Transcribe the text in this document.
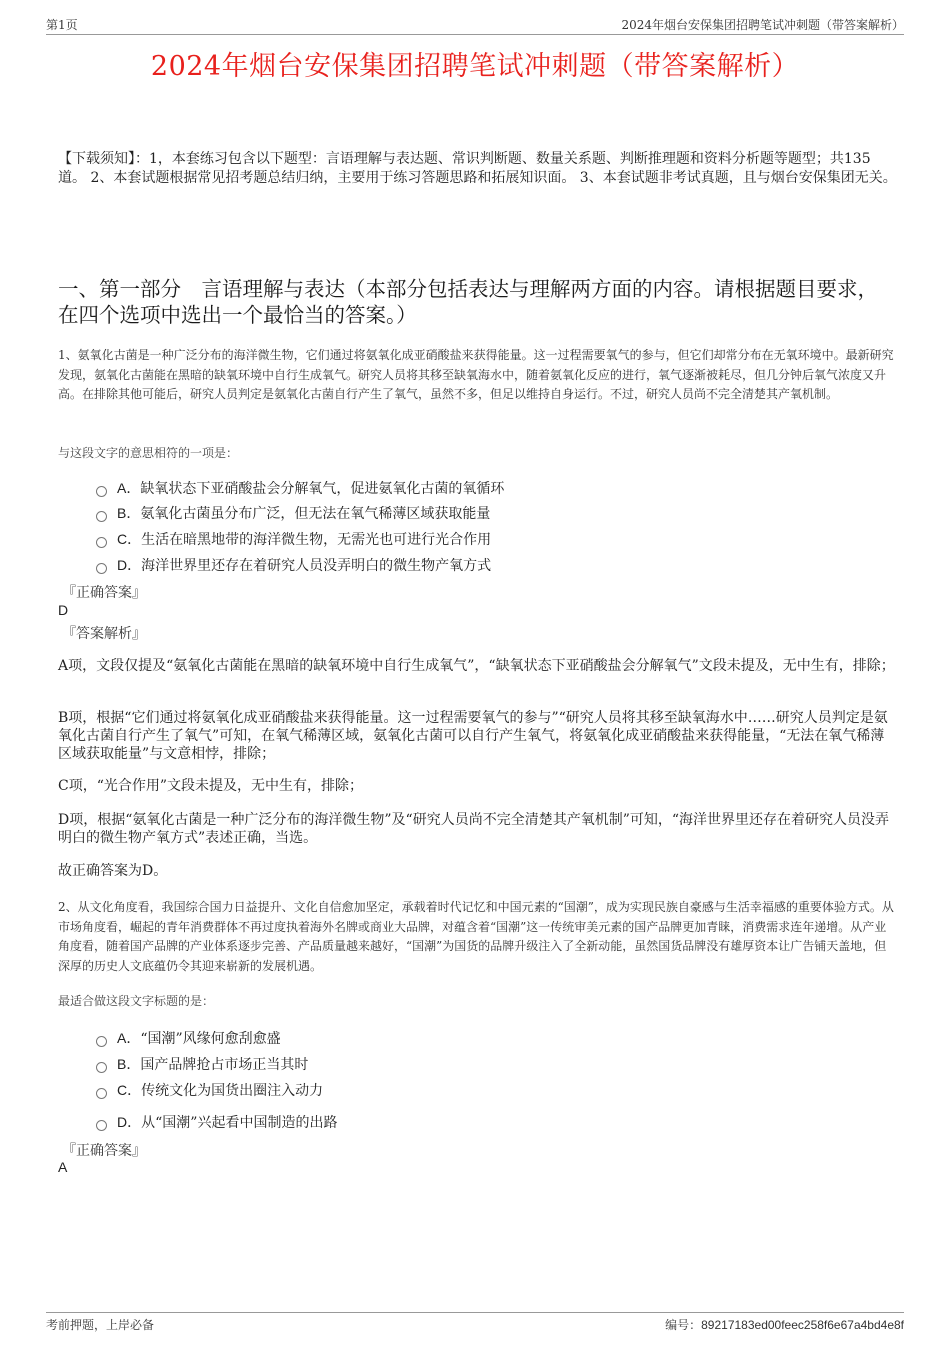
第1页	2024年烟台安保集团招聘笔试冲刺题（带答案解析）
2024年烟台安保集团招聘笔试冲刺题（带答案解析）
【下载须知】：1，本套练习包含以下题型：言语理解与表达题、常识判断题、数量关系题、判断推理题和资料分析题等题型；共135道。 2、本套试题根据常见招考题总结归纳，主要用于练习答题思路和拓展知识面。 3、本套试题非考试真题，且与烟台安保集团无关。
一、第一部分　言语理解与表达（本部分包括表达与理解两方面的内容。请根据题目要求，在四个选项中选出一个最恰当的答案。）
1、氨氧化古菌是一种广泛分布的海洋微生物，它们通过将氨氧化成亚硝酸盐来获得能量。这一过程需要氧气的参与，但它们却常分布在无氧环境中。最新研究发现，氨氧化古菌能在黑暗的缺氧环境中自行生成氧气。研究人员将其移至缺氧海水中，随着氨氧化反应的进行，氧气逐渐被耗尽，但几分钟后氧气浓度又升高。在排除其他可能后，研究人员判定是氨氧化古菌自行产生了氧气，虽然不多，但足以维持自身运行。不过，研究人员尚不完全清楚其产氧机制。
与这段文字的意思相符的一项是：
A． 缺氧状态下亚硝酸盐会分解氧气，促进氨氧化古菌的氧循环
B． 氨氧化古菌虽分布广泛，但无法在氧气稀薄区域获取能量
C． 生活在暗黑地带的海洋微生物，无需光也可进行光合作用
D． 海洋世界里还存在着研究人员没弄明白的微生物产氧方式
『正确答案』
D
『答案解析』
A项，文段仅提及“氨氧化古菌能在黑暗的缺氧环境中自行生成氧气”，“缺氧状态下亚硝酸盐会分解氧气”文段未提及，无中生有，排除；
B项，根据“它们通过将氨氧化成亚硝酸盐来获得能量。这一过程需要氧气的参与”“研究人员将其移至缺氧海水中……研究人员判定是氨氧化古菌自行产生了氧气”可知，在氧气稀薄区域，氨氧化古菌可以自行产生氧气，将氨氧化成亚硝酸盐来获得能量，“无法在氧气稀薄区域获取能量”与文意相悖，排除；
C项，“光合作用”文段未提及，无中生有，排除；
D项，根据“氨氧化古菌是一种广泛分布的海洋微生物”及“研究人员尚不完全清楚其产氧机制”可知，“海洋世界里还存在着研究人员没弄明白的微生物产氧方式”表述正确，当选。
故正确答案为D。
2、从文化角度看，我国综合国力日益提升、文化自信愈加坚定，承载着时代记忆和中国元素的“国潮”，成为实现民族自豪感与生活幸福感的重要体验方式。从市场角度看，崛起的青年消费群体不再过度执着海外名牌或商业大品牌，对蕴含着“国潮”这一传统审美元素的国产品牌更加青睐，消费需求连年递增。从产业角度看，随着国产品牌的产业体系逐步完善、产品质量越来越好，“国潮”为国货的品牌升级注入了全新动能，虽然国货品牌没有雄厚资本让广告铺天盖地，但深厚的历史人文底蕴仍令其迎来崭新的发展机遇。
最适合做这段文字标题的是：
A． “国潮”风缘何愈刮愈盛
B． 国产品牌抢占市场正当其时
C． 传统文化为国货出圈注入动力
D． 从“国潮”兴起看中国制造的出路
『正确答案』
A
考前押题，上岸必备	编号：89217183ed00feec258f6e67a4bd4e8f
